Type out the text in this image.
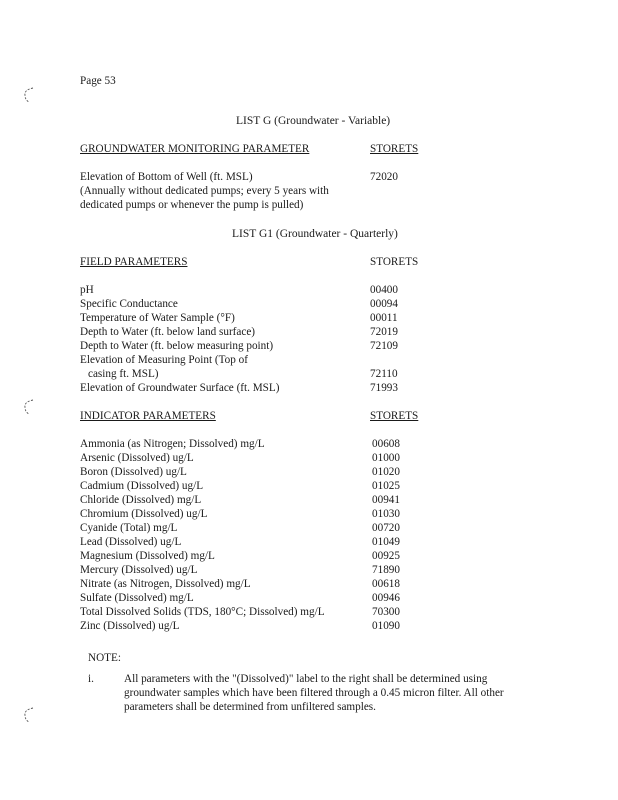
Page 53
LIST G (Groundwater - Variable)
GROUNDWATER MONITORING PARAMETER	STORETS
Elevation of Bottom of Well (ft. MSL)
(Annually without dedicated pumps; every 5 years with
dedicated pumps or whenever the pump is pulled)
72020
LIST G1 (Groundwater - Quarterly)
FIELD PARAMETERS	STORETS
pH	00400
Specific Conductance	00094
Temperature of Water Sample (°F)	00011
Depth to Water (ft. below land surface)	72019
Depth to Water (ft. below measuring point)	72109
Elevation of Measuring Point (Top of
casing ft. MSL)	72110
Elevation of Groundwater Surface (ft. MSL)	71993
INDICATOR PARAMETERS	STORETS
Ammonia (as Nitrogen; Dissolved) mg/L	00608
Arsenic (Dissolved) ug/L	01000
Boron (Dissolved) ug/L	01020
Cadmium (Dissolved) ug/L	01025
Chloride (Dissolved) mg/L	00941
Chromium (Dissolved) ug/L	01030
Cyanide (Total) mg/L	00720
Lead (Dissolved) ug/L	01049
Magnesium (Dissolved) mg/L	00925
Mercury (Dissolved) ug/L	71890
Nitrate (as Nitrogen, Dissolved) mg/L	00618
Sulfate (Dissolved) mg/L	00946
Total Dissolved Solids (TDS, 180°C; Dissolved) mg/L	70300
Zinc (Dissolved) ug/L	01090
NOTE:
i.	All parameters with the "(Dissolved)" label to the right shall be determined using
groundwater samples which have been filtered through a 0.45 micron filter. All other
parameters shall be determined from unfiltered samples.
